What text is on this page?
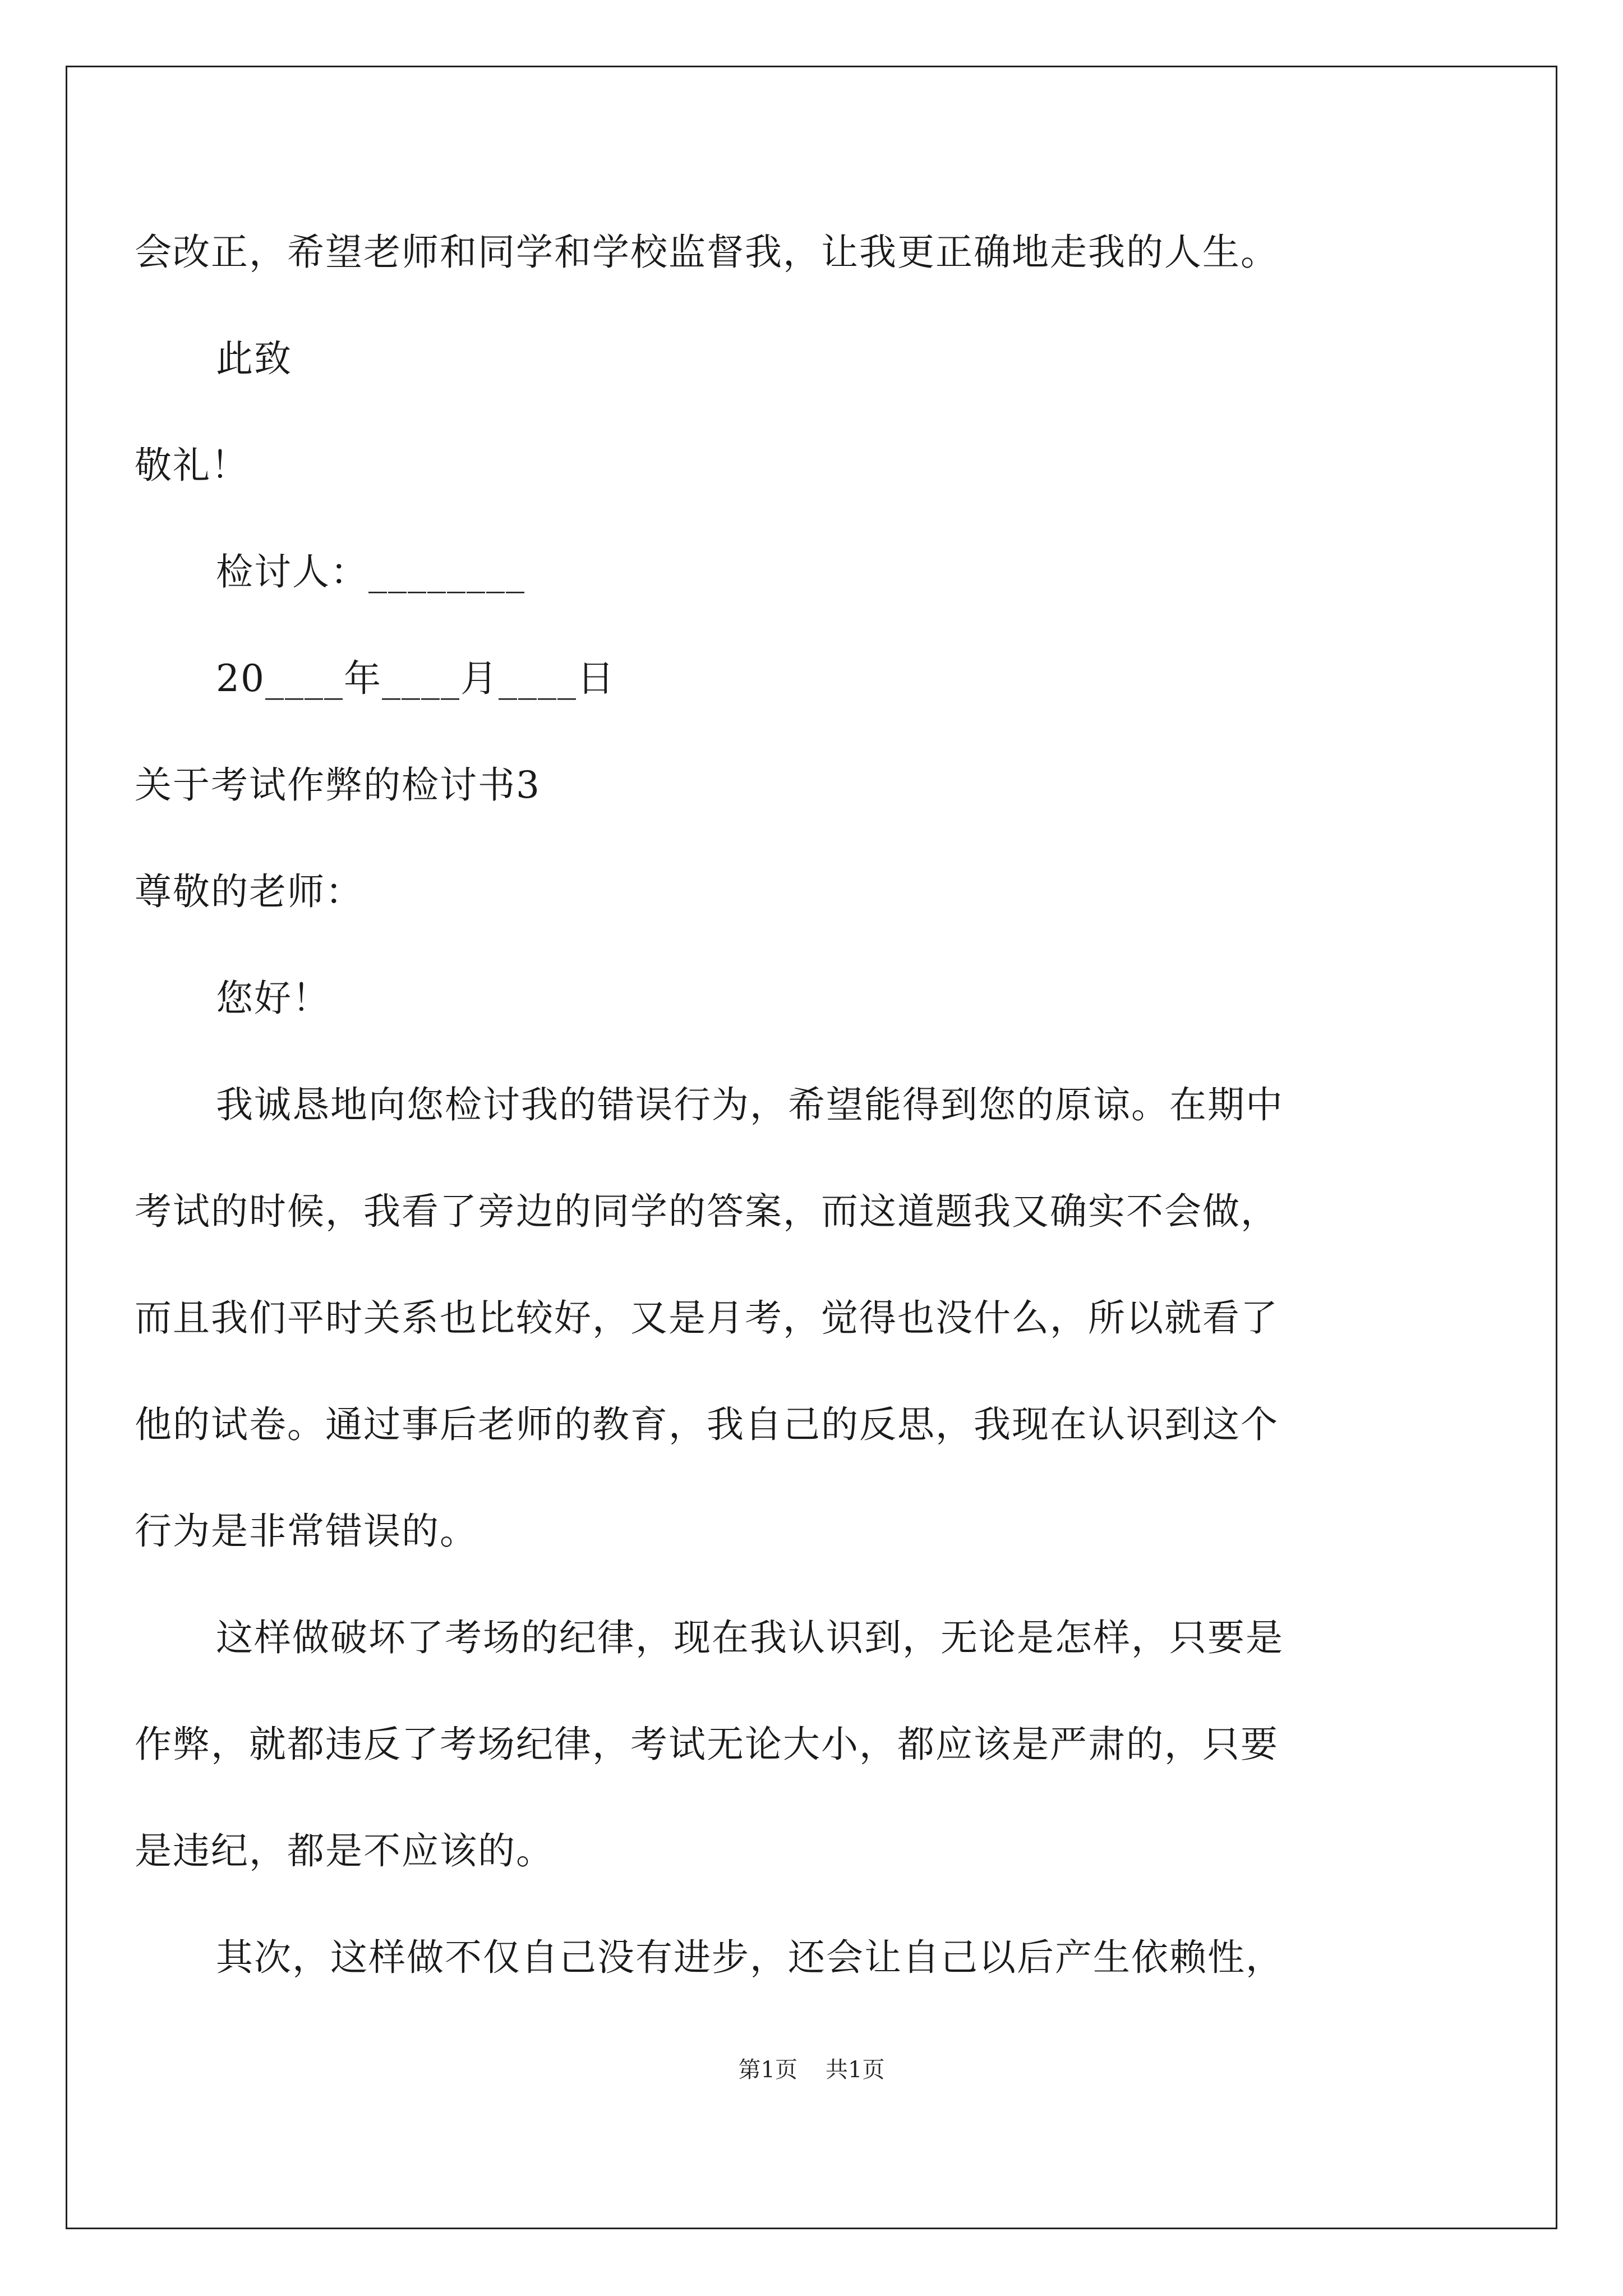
会改正，希望老师和同学和学校监督我，让我更正确地走我的人生。
此致
敬礼！
检讨人：________
20____年____月____日
关于考试作弊的检讨书3
尊敬的老师：
您好！
我诚恳地向您检讨我的错误行为，希望能得到您的原谅。在期中
考试的时候，我看了旁边的同学的答案，而这道题我又确实不会做，
而且我们平时关系也比较好，又是月考，觉得也没什么，所以就看了
他的试卷。通过事后老师的教育，我自己的反思，我现在认识到这个
行为是非常错误的。
这样做破坏了考场的纪律，现在我认识到，无论是怎样，只要是
作弊，就都违反了考场纪律，考试无论大小，都应该是严肃的，只要
是违纪，都是不应该的。
其次，这样做不仅自己没有进步，还会让自己以后产生依赖性，
第1页 共1页
